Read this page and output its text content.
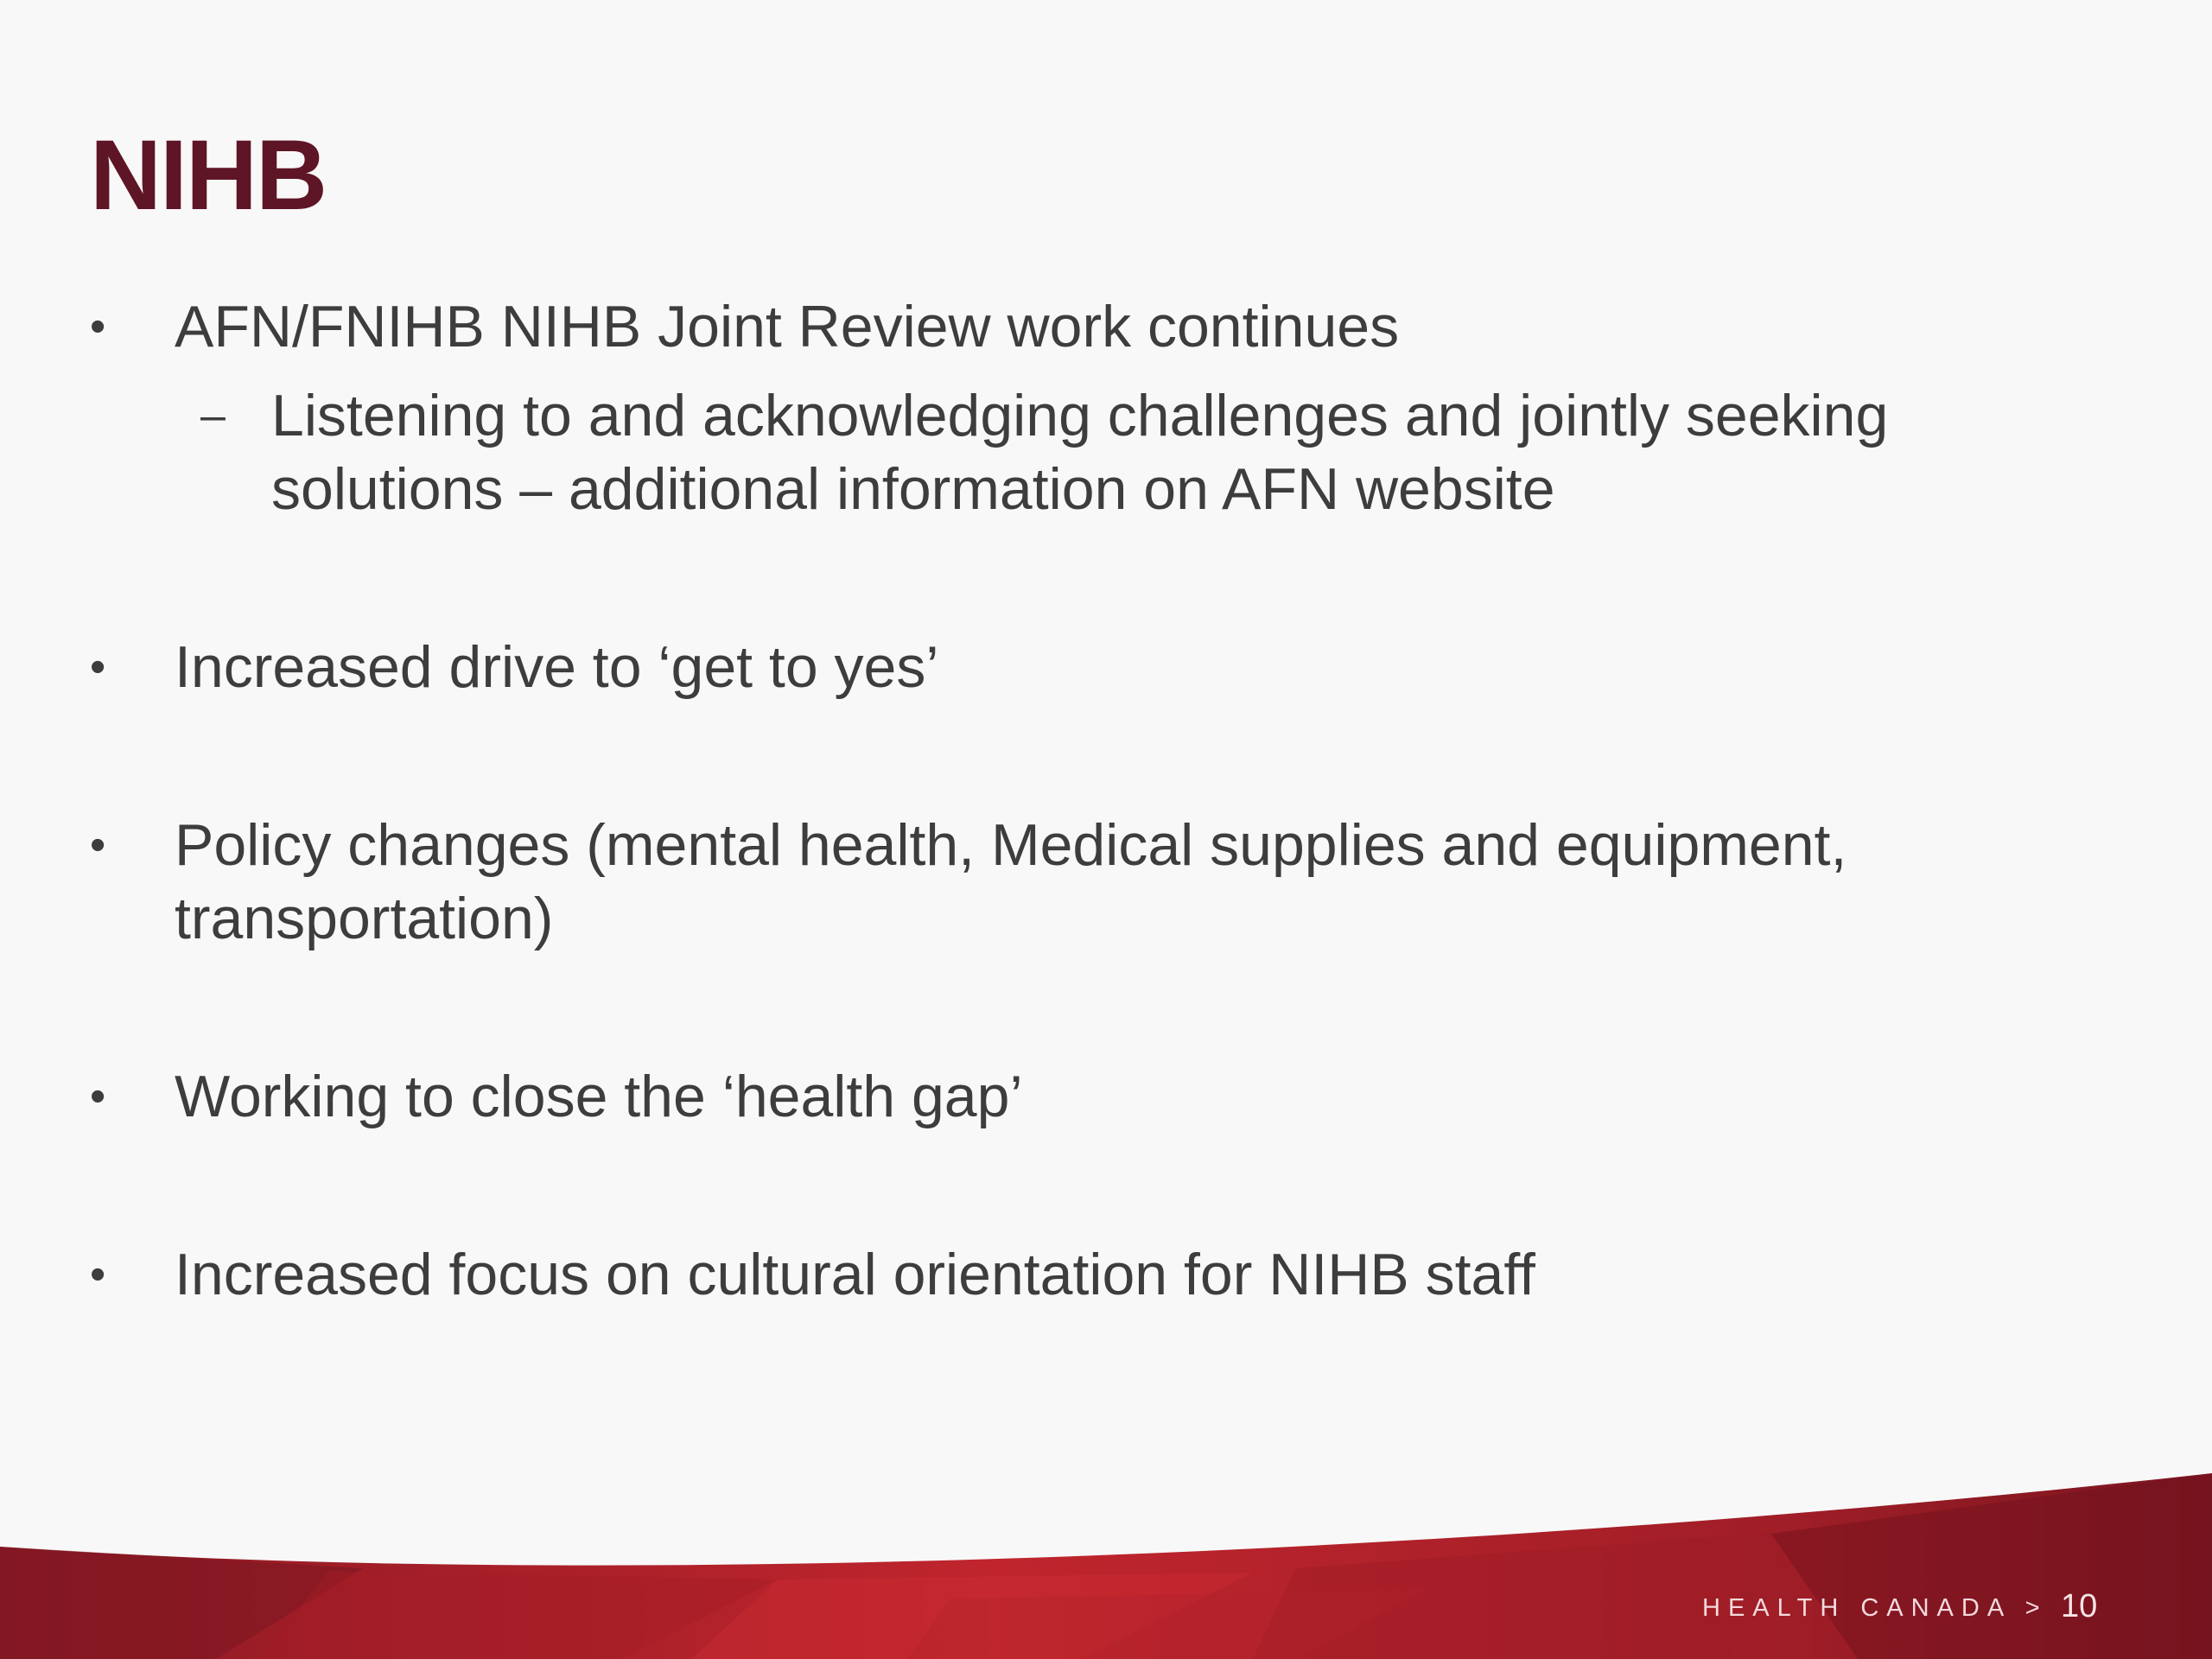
NIHB
•	AFN/FNIHB NIHB Joint Review work continues
– Listening to and acknowledging challenges and jointly seeking solutions – additional information on AFN website
•	Increased drive to ‘get to yes’
•	Policy changes (mental health, Medical supplies and equipment, transportation)
•	Working to close the ‘health gap’
•	Increased focus on cultural orientation for NIHB staff
HEALTH CANADA > 10
